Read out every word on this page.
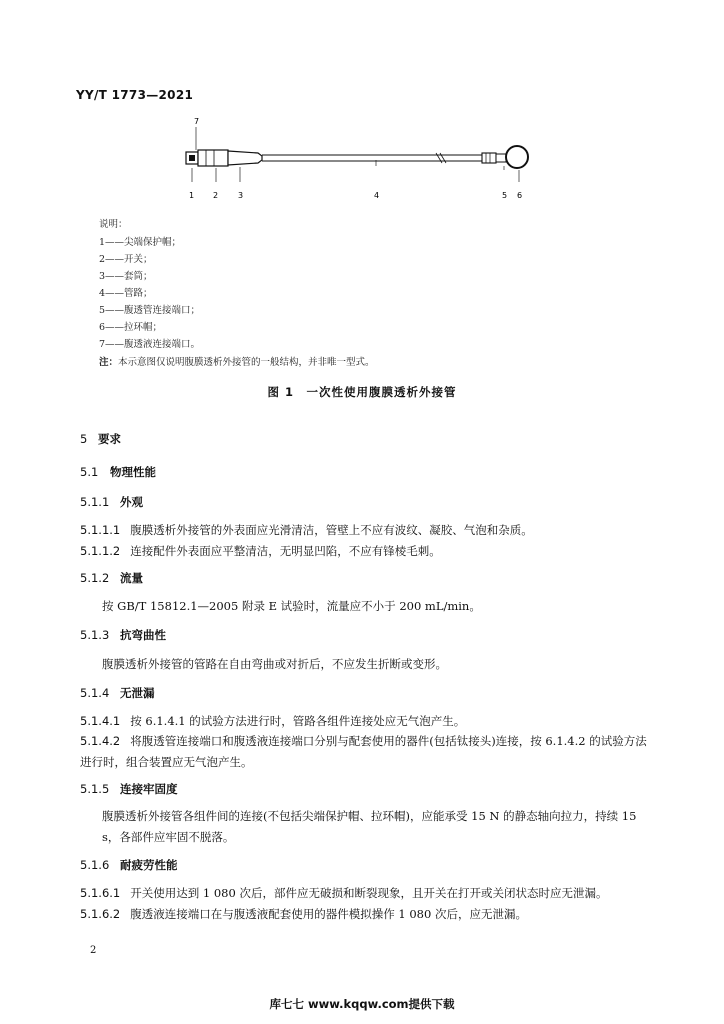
YY/T 1773—2021
7
1 2 3	4	5 6
说明：
1——尖端保护帽；
2——开关；
3——套筒；
4——管路；
5——腹透管连接端口；
6——拉环帽；
7——腹透液连接端口。
注：本示意图仅说明腹膜透析外接管的一般结构，并非唯一型式。
图 1　一次性使用腹膜透析外接管
5 要求
5.1 物理性能
5.1.1 外观
5.1.1.1 腹膜透析外接管的外表面应光滑清洁，管壁上不应有波纹、凝胶、气泡和杂质。
5.1.1.2 连接配件外表面应平整清洁，无明显凹陷，不应有锋棱毛刺。
5.1.2 流量
按 GB/T 15812.1—2005 附录 E 试验时，流量应不小于 200 mL/min。
5.1.3 抗弯曲性
腹膜透析外接管的管路在自由弯曲或对折后，不应发生折断或变形。
5.1.4 无泄漏
5.1.4.1 按 6.1.4.1 的试验方法进行时，管路各组件连接处应无气泡产生。
5.1.4.2 将腹透管连接端口和腹透液连接端口分别与配套使用的器件(包括钛接头)连接，按 6.1.4.2 的试验方法进行时，组合装置应无气泡产生。
5.1.5 连接牢固度
腹膜透析外接管各组件间的连接(不包括尖端保护帽、拉环帽)，应能承受 15 N 的静态轴向拉力，持续 15 s，各部件应牢固不脱落。
5.1.6 耐疲劳性能
5.1.6.1 开关使用达到 1 080 次后，部件应无破损和断裂现象，且开关在打开或关闭状态时应无泄漏。
5.1.6.2 腹透液连接端口在与腹透液配套使用的器件模拟操作 1 080 次后，应无泄漏。
2
库七七 www.kqqw.com提供下载
